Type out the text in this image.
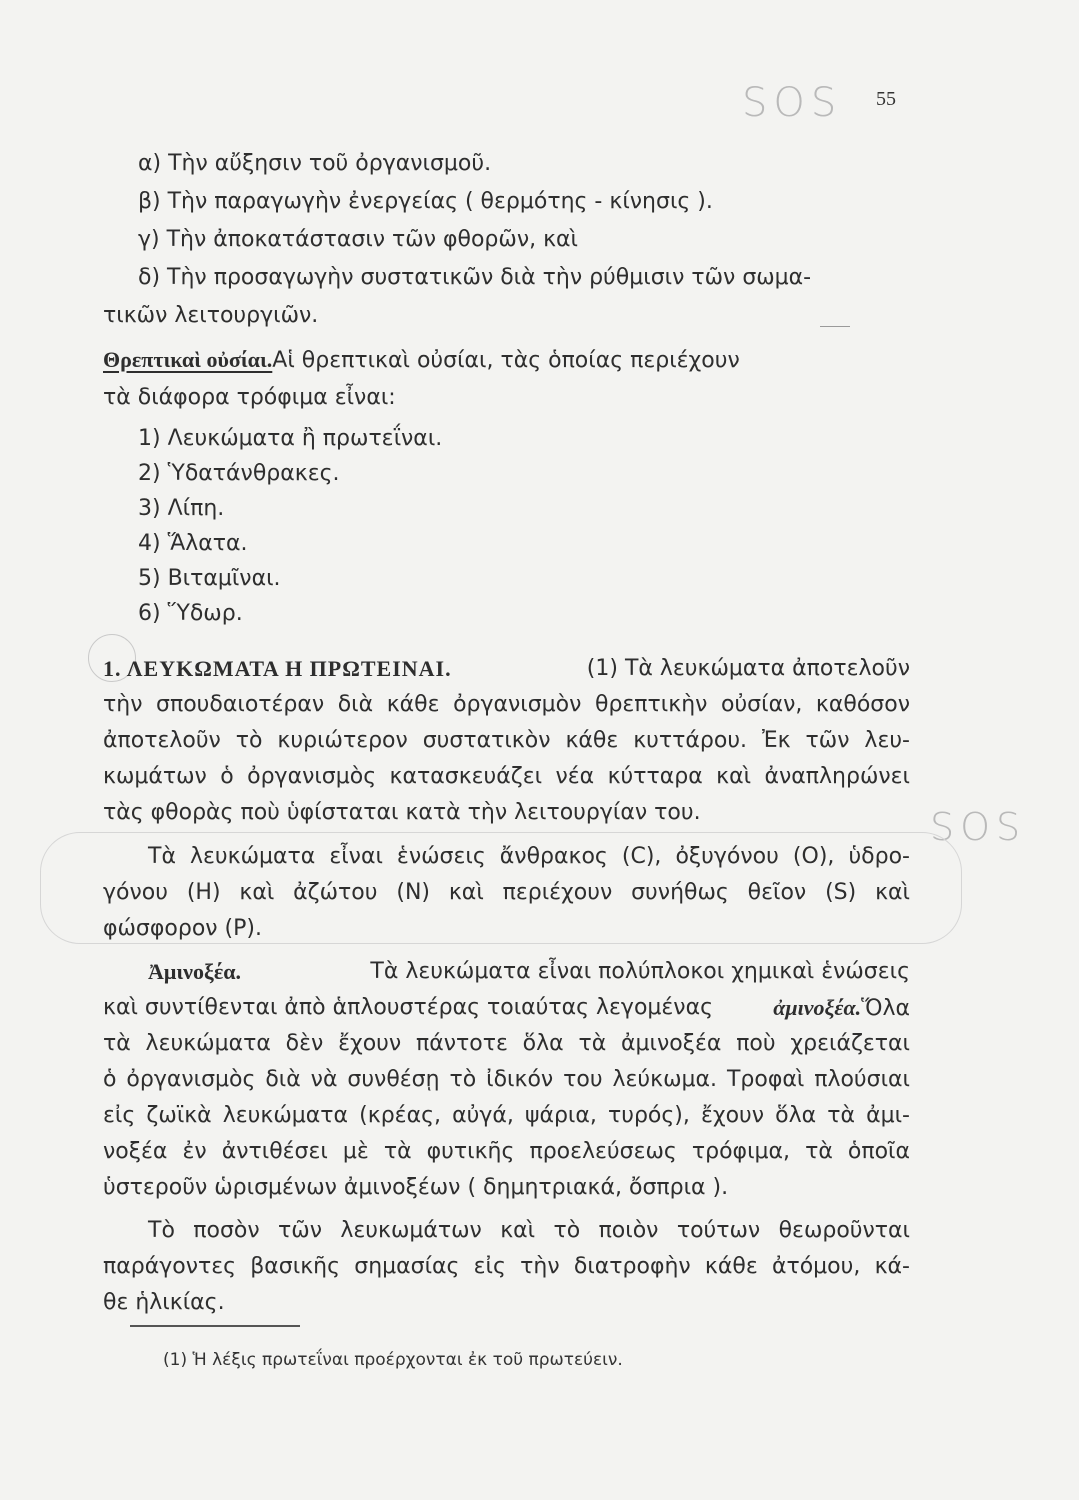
SOS 55
α) Τὴν αὔξησιν τοῦ ὀργανισμοῦ.
β) Τὴν παραγωγὴν ἐνεργείας ( θερμότης - κίνησις ).
γ) Τὴν ἀποκατάστασιν τῶν φθορῶν, καὶ
δ) Τὴν προσαγωγὴν συστατικῶν διὰ τὴν ρύθμισιν τῶν σωμα-
τικῶν λειτουργιῶν.
Θρεπτικαὶ οὐσίαι.Αἱ θρεπτικαὶ οὐσίαι, τὰς ὁποίας περιέχουν
τὰ διάφορα τρόφιμα εἶναι:
1) Λευκώματα ἢ πρωτεΐναι.
2) Ὑδατάνθρακες.
3) Λίπη.
4) Ἅλατα.
5) Βιταμῖναι.
6) Ὕδωρ.
1. ΛΕΥΚΩΜΑΤΑ Η ΠΡΩΤΕΙΝΑΙ.	(1) Τὰ λευκώματα ἀποτελοῦν
τὴν σπουδαιοτέραν διὰ κάθε ὀργανισμὸν θρεπτικὴν οὐσίαν, καθόσον
ἀποτελοῦν τὸ κυριώτερον συστατικὸν κάθε κυττάρου. Ἐκ τῶν λευ-
κωμάτων ὁ ὀργανισμὸς κατασκευάζει νέα κύτταρα καὶ ἀναπληρώνει
τὰς φθορὰς ποὺ ὑφίσταται κατὰ τὴν λειτουργίαν του.	SOS
Τὰ λευκώματα εἶναι ἑνώσεις ἄνθρακος (C), ὀξυγόνου (O), ὑδρο-
γόνου (H) καὶ ἀζώτου (N) καὶ περιέχουν συνήθως θεῖον (S) καὶ
φώσφορον (P).
Ἀμινοξέα.	Τὰ λευκώματα εἶναι πολύπλοκοι χημικαὶ ἑνώσεις
καὶ συντίθενται ἀπὸ ἁπλουστέρας τοιαύτας λεγομένας	ἀμινοξέα.Ὅλα
τὰ λευκώματα δὲν ἔχουν πάντοτε ὅλα τὰ ἀμινοξέα ποὺ χρειάζεται
ὁ ὀργανισμὸς διὰ νὰ συνθέσῃ τὸ ἰδικόν του λεύκωμα. Τροφαὶ πλούσιαι
εἰς ζωϊκὰ λευκώματα (κρέας, αὐγά, ψάρια, τυρός), ἔχουν ὅλα τὰ ἀμι-
νοξέα ἐν ἀντιθέσει μὲ τὰ φυτικῆς προελεύσεως τρόφιμα, τὰ ὁποῖα
ὑστεροῦν ὡρισμένων ἀμινοξέων ( δημητριακά, ὄσπρια ).
Τὸ ποσὸν τῶν λευκωμάτων καὶ τὸ ποιὸν τούτων θεωροῦνται
παράγοντες βασικῆς σημασίας εἰς τὴν διατροφὴν κάθε ἀτόμου, κά-
θε ἡλικίας.
(1) Ἡ λέξις πρωτεΐναι προέρχονται ἐκ τοῦ πρωτεύειν.
